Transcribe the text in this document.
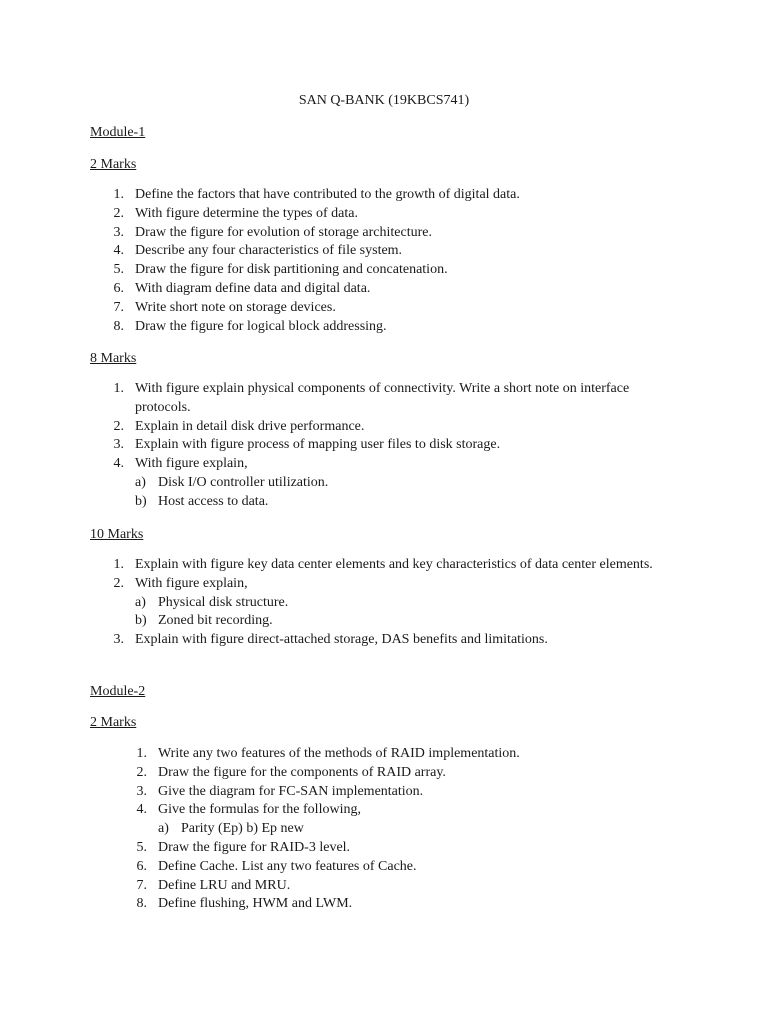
SAN Q-BANK (19KBCS741)
Module-1
2 Marks
1. Define the factors that have contributed to the growth of digital data.
2. With figure determine the types of data.
3. Draw the figure for evolution of storage architecture.
4. Describe any four characteristics of file system.
5. Draw the figure for disk partitioning and concatenation.
6. With diagram define data and digital data.
7. Write short note on storage devices.
8. Draw the figure for logical block addressing.
8 Marks
1. With figure explain physical components of connectivity. Write a short note on interface protocols.
2. Explain in detail disk drive performance.
3. Explain with figure process of mapping user files to disk storage.
4. With figure explain,
a) Disk I/O controller utilization.
b) Host access to data.
10 Marks
1. Explain with figure key data center elements and key characteristics of data center elements.
2. With figure explain,
a) Physical disk structure.
b) Zoned bit recording.
3. Explain with figure direct-attached storage, DAS benefits and limitations.
Module-2
2 Marks
1. Write any two features of the methods of RAID implementation.
2. Draw the figure for the components of RAID array.
3. Give the diagram for FC-SAN implementation.
4. Give the formulas for the following,
a) Parity (Ep) b) Ep new
5. Draw the figure for RAID-3 level.
6. Define Cache. List any two features of Cache.
7. Define LRU and MRU.
8. Define flushing, HWM and LWM.
